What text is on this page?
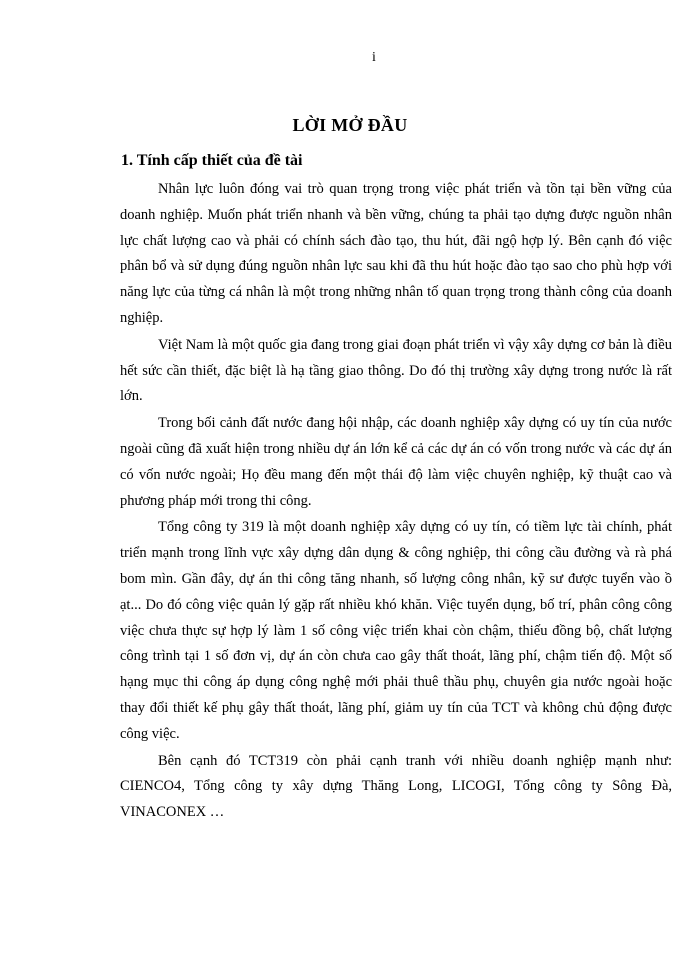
i
LỜI MỞ ĐẦU
1. Tính cấp thiết của đề tài

Nhân lực luôn đóng vai trò quan trọng trong việc phát triển và tồn tại bền vững của doanh nghiệp. Muốn phát triển nhanh và bền vững, chúng ta phải tạo dựng được nguồn nhân lực chất lượng cao và phải có chính sách đào tạo, thu hút, đãi ngộ hợp lý. Bên cạnh đó việc phân bổ và sử dụng đúng nguồn nhân lực sau khi đã thu hút hoặc đào tạo sao cho phù hợp với năng lực của từng cá nhân là một trong những nhân tố quan trọng trong thành công của doanh nghiệp.

Việt Nam là một quốc gia đang trong giai đoạn phát triển vì vậy xây dựng cơ bản là điều hết sức cần thiết, đặc biệt là hạ tầng giao thông. Do đó thị trường xây dựng trong nước là rất lớn.

Trong bối cảnh đất nước đang hội nhập, các doanh nghiệp xây dựng có uy tín của nước ngoài cũng đã xuất hiện trong nhiều dự án lớn kể cả các dự án có vốn trong nước và các dự án có vốn nước ngoài; Họ đều mang đến một thái độ làm việc chuyên nghiệp, kỹ thuật cao và phương pháp mới trong thi công.

Tổng công ty 319 là một doanh nghiệp xây dựng có uy tín, có tiềm lực tài chính, phát triển mạnh trong lĩnh vực xây dựng dân dụng & công nghiệp, thi công cầu đường và rà phá bom mìn. Gần đây, dự án thi công tăng nhanh, số lượng công nhân, kỹ sư được tuyển vào ồ ạt... Do đó công việc quản lý gặp rất nhiều khó khăn. Việc tuyển dụng, bố trí, phân công công việc chưa thực sự hợp lý làm 1 số công việc triển khai còn chậm, thiếu đồng bộ, chất lượng công trình tại 1 số đơn vị, dự án còn chưa cao gây thất thoát, lãng phí, chậm tiến độ. Một số hạng mục thi công áp dụng công nghệ mới phải thuê thầu phụ, chuyên gia nước ngoài hoặc thay đổi thiết kế phụ gây thất thoát, lãng phí, giảm uy tín của TCT và không chủ động được công việc.

Bên cạnh đó TCT319 còn phải cạnh tranh với nhiều doanh nghiệp mạnh như: CIENCO4, Tổng công ty xây dựng Thăng Long, LICOGI, Tổng công ty Sông Đà, VINACONEX …
